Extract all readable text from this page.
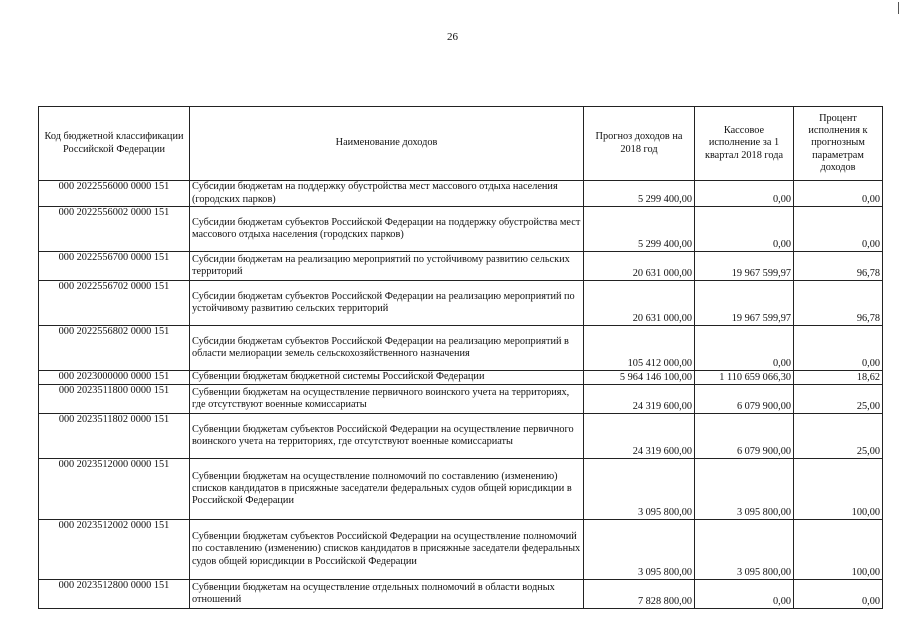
26
Код бюджетной классификации Российской Федерации	Наименование доходов	Прогноз доходов на 2018 год	Кассовое исполнение за 1 квартал 2018 года	Процент исполнения к прогнозным параметрам доходов
000 2022556000 0000 151	Субсидии бюджетам на поддержку обустройства мест массового отдыха населения (городских парков)	5 299 400,00	0,00	0,00
000 2022556002 0000 151	Субсидии бюджетам субъектов Российской Федерации на поддержку обустройства мест массового отдыха населения (городских парков)	5 299 400,00	0,00	0,00
000 2022556700 0000 151	Субсидии бюджетам на реализацию мероприятий по устойчивому развитию сельских территорий	20 631 000,00	19 967 599,97	96,78
000 2022556702 0000 151	Субсидии бюджетам субъектов Российской Федерации на реализацию мероприятий по устойчивому развитию сельских территорий	20 631 000,00	19 967 599,97	96,78
000 2022556802 0000 151	Субсидии бюджетам субъектов Российской Федерации на реализацию мероприятий в области мелиорации земель сельскохозяйственного назначения	105 412 000,00	0,00	0,00
000 2023000000 0000 151	Субвенции бюджетам бюджетной системы Российской Федерации	5 964 146 100,00	1 110 659 066,30	18,62
000 2023511800 0000 151	Субвенции бюджетам на осуществление первичного воинского учета на территориях, где отсутствуют военные комиссариаты	24 319 600,00	6 079 900,00	25,00
000 2023511802 0000 151	Субвенции бюджетам субъектов Российской Федерации на осуществление первичного воинского учета на территориях, где отсутствуют военные комиссариаты	24 319 600,00	6 079 900,00	25,00
000 2023512000 0000 151	Субвенции бюджетам на осуществление полномочий по составлению (изменению) списков кандидатов в присяжные заседатели федеральных судов общей юрисдикции в Российской Федерации	3 095 800,00	3 095 800,00	100,00
000 2023512002 0000 151	Субвенции бюджетам субъектов Российской Федерации на осуществление полномочий по составлению (изменению) списков кандидатов в присяжные заседатели федеральных судов общей юрисдикции в Российской Федерации	3 095 800,00	3 095 800,00	100,00
000 2023512800 0000 151	Субвенции бюджетам на осуществление отдельных полномочий в области водных отношений	7 828 800,00	0,00	0,00
